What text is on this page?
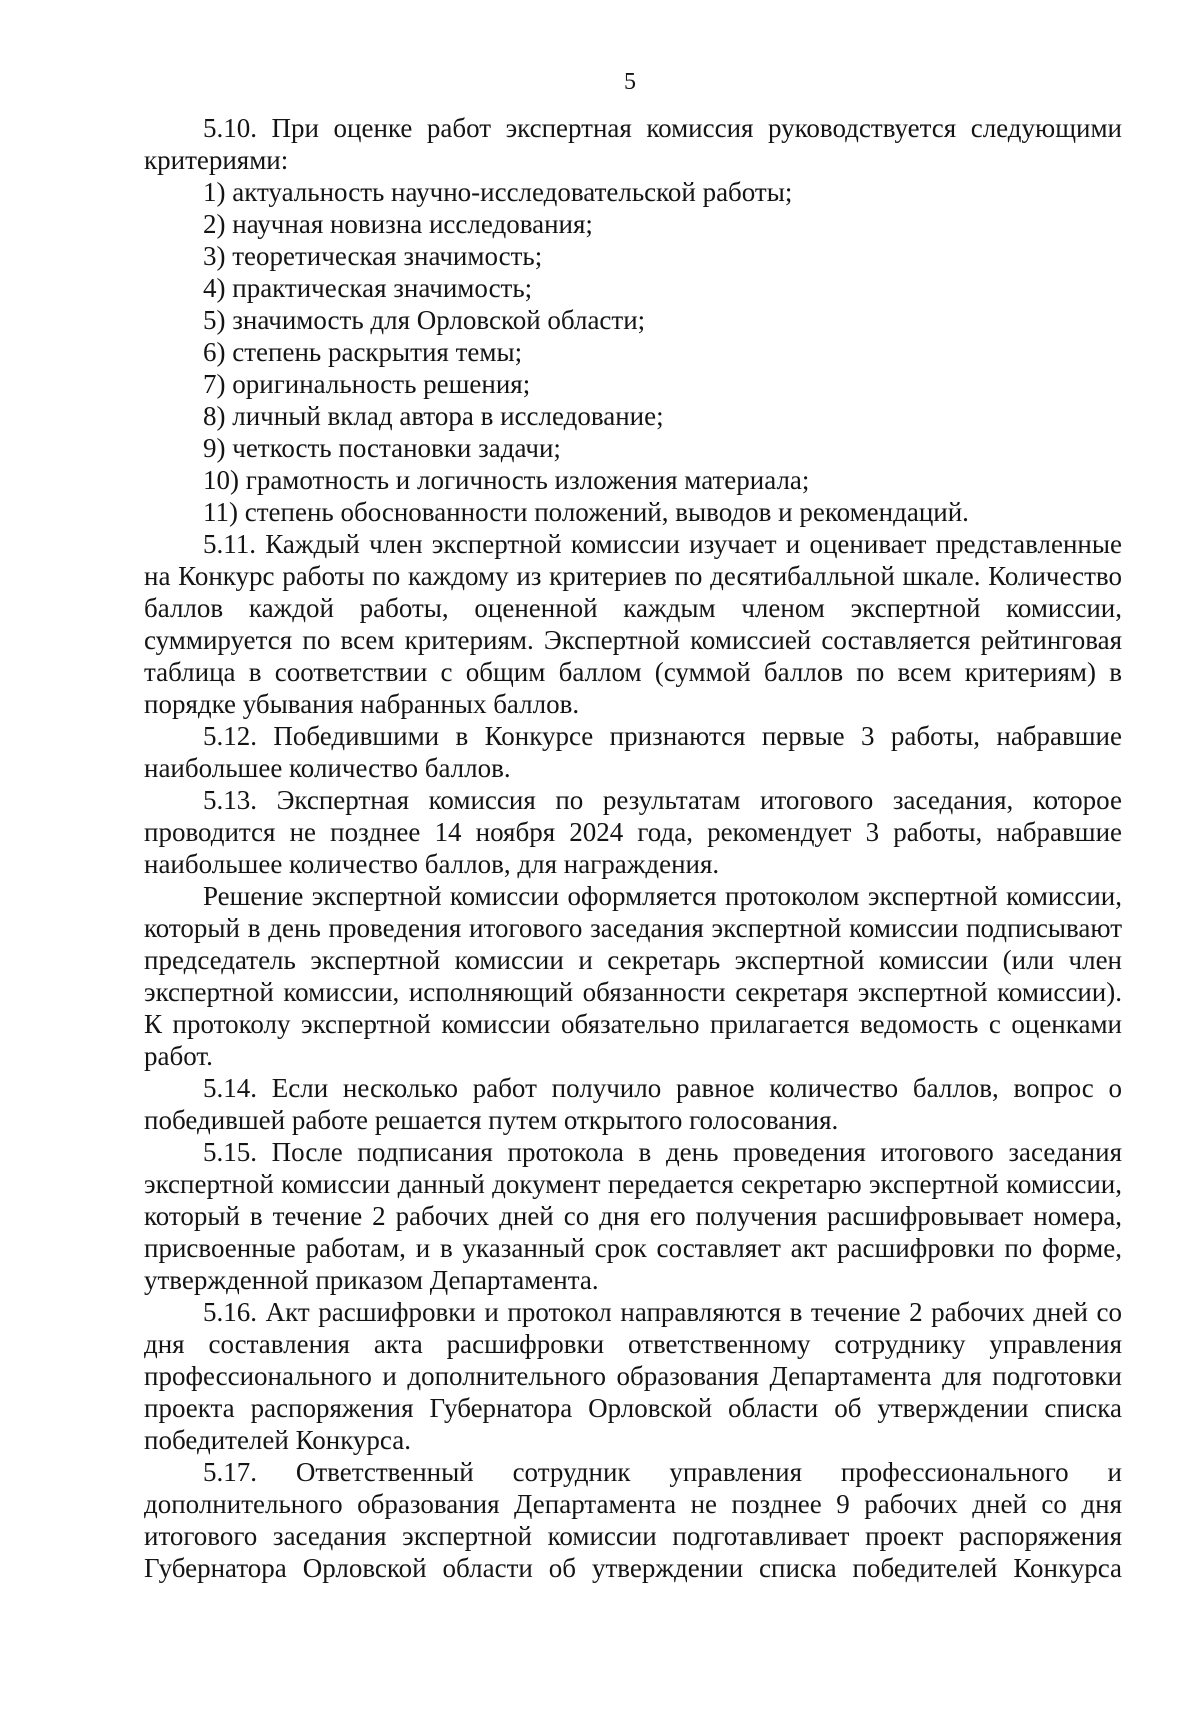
5

5.10. При оценке работ экспертная комиссия руководствуется следующими критериями:

1) актуальность научно-исследовательской работы;

2) научная новизна исследования;

3) теоретическая значимость;

4) практическая значимость;

5) значимость для Орловской области;

6) степень раскрытия темы;

7) оригинальность решения;

8) личный вклад автора в исследование;

9) четкость постановки задачи;

10) грамотность и логичность изложения материала;

11) степень обоснованности положений, выводов и рекомендаций.

5.11. Каждый член экспертной комиссии изучает и оценивает представленные на Конкурс работы по каждому из критериев по десятибалльной шкале. Количество баллов каждой работы, оцененной каждым членом экспертной комиссии, суммируется по всем критериям. Экспертной комиссией составляется рейтинговая таблица в соответствии с общим баллом (суммой баллов по всем критериям) в порядке убывания набранных баллов.

5.12. Победившими в Конкурсе признаются первые 3 работы, набравшие наибольшее количество баллов.

5.13. Экспертная комиссия по результатам итогового заседания, которое проводится не позднее 14 ноября 2024 года, рекомендует 3 работы, набравшие наибольшее количество баллов, для награждения.

Решение экспертной комиссии оформляется протоколом экспертной комиссии, который в день проведения итогового заседания экспертной комиссии подписывают председатель экспертной комиссии и секретарь экспертной комиссии (или член экспертной комиссии, исполняющий обязанности секретаря экспертной комиссии). К протоколу экспертной комиссии обязательно прилагается ведомость с оценками работ.

5.14. Если несколько работ получило равное количество баллов, вопрос о победившей работе решается путем открытого голосования.

5.15. После подписания протокола в день проведения итогового заседания экспертной комиссии данный документ передается секретарю экспертной комиссии, который в течение 2 рабочих дней со дня его получения расшифровывает номера, присвоенные работам, и в указанный срок составляет акт расшифровки по форме, утвержденной приказом Департамента.

5.16. Акт расшифровки и протокол направляются в течение 2 рабочих дней со дня составления акта расшифровки ответственному сотруднику управления профессионального и дополнительного образования Департамента для подготовки проекта распоряжения Губернатора Орловской области об утверждении списка победителей Конкурса.

5.17. Ответственный сотрудник управления профессионального и дополнительного образования Департамента не позднее 9 рабочих дней со дня итогового заседания экспертной комиссии подготавливает проект распоряжения Губернатора Орловской области об утверждении списка победителей Конкурса
